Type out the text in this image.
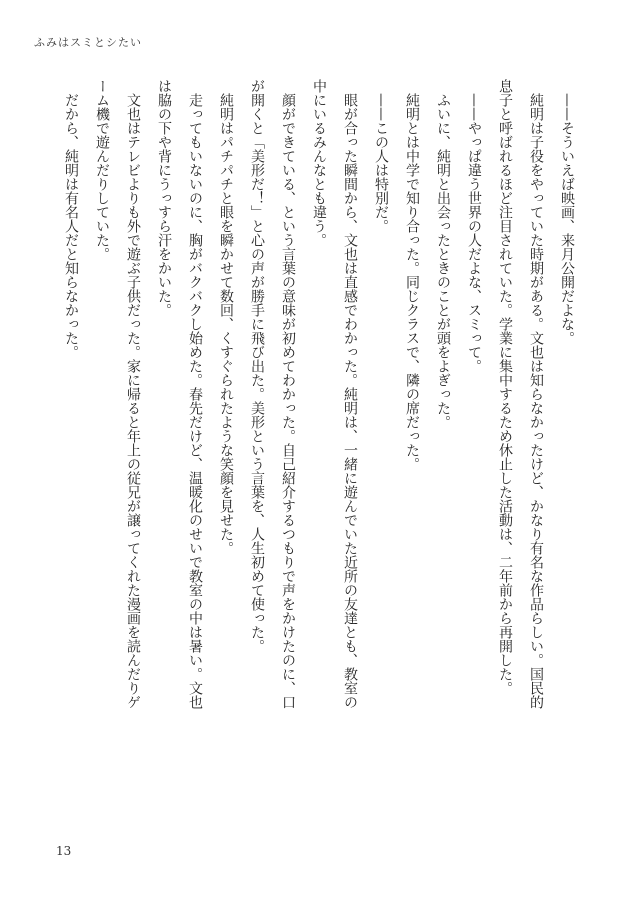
ふみはスミとシたい

——そういえば映画、来月公開だよな。

純明は子役をやっていた時期がある。文也は知らなかったけど、かなり有名な作品らしい。国民的息子と呼ばれるほど注目されていた。学業に集中するため休止した活動は、二年前から再開した。

——やっぱ違う世界の人だよな、スミって。

ふいに、純明と出会ったときのことが頭をよぎった。

純明とは中学で知り合った。同じクラスで、隣の席だった。

——この人は特別だ。

眼が合った瞬間から、文也は直感でわかった。純明は、一緒に遊んでいた近所の友達とも、教室の中にいるみんなとも違う。

顔ができている、という言葉の意味が初めてわかった。自己紹介するつもりで声をかけたのに、口が開くと「美形だ！」と心の声が勝手に飛び出た。美形という言葉を、人生初めて使った。

純明はパチパチと眼を瞬かせて数回、くすぐられたような笑顔を見せた。

走ってもいないのに、胸がバクバクし始めた。春先だけど、温暖化のせいで教室の中は暑い。文也は脇の下や背にうっすら汗をかいた。

文也はテレビよりも外で遊ぶ子供だった。家に帰ると年上の従兄が譲ってくれた漫画を読んだりゲーム機で遊んだりしていた。

だから、純明は有名人だと知らなかった。

13
